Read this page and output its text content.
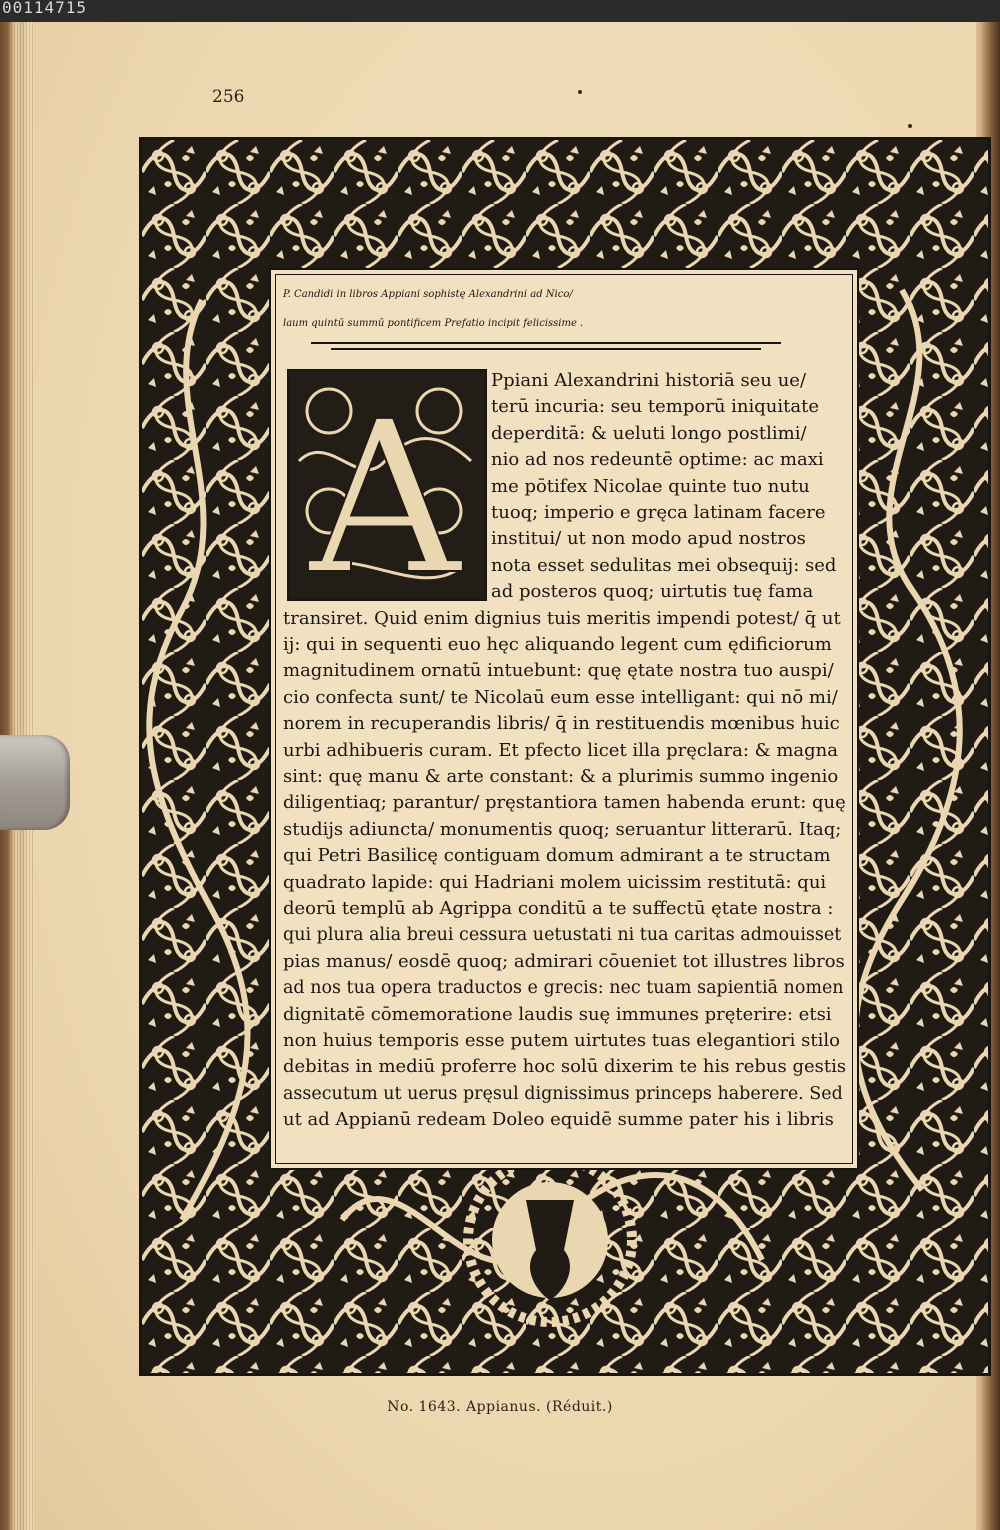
00114715
256
P. Candidi in libros Appiani sophistę Alexandrini ad Nico/
laum quintū summū pontificem Prefatio incipit felicissime .
A Ppiani Alexandrini historiā seu ue/
terū incuria: seu temporū iniquitate
deperditā: & ueluti longo postlimi/
nio ad nos redeuntē optime: ac maxi
me pōtifex Nicolae quinte tuo nutu
tuoq; imperio e gręca latinam facere
institui/ ut non modo apud nostros
nota esset sedulitas mei obsequij: sed
ad posteros quoq; uirtutis tuę fama
transiret. Quid enim dignius tuis meritis impendi potest/ q̄ ut
ij: qui in sequenti euo hęc aliquando legent cum ędificiorum
magnitudinem ornatū intuebunt: quę ętate nostra tuo auspi/
cio confecta sunt/ te Nicolaū eum esse intelligant: qui nō mi/
norem in recuperandis libris/ q̄ in restituendis mœnibus huic
urbi adhibueris curam. Et pfecto licet illa pręclara: & magna
sint: quę manu & arte constant: & a plurimis summo ingenio
diligentiaq; parantur/ pręstantiora tamen habenda erunt: quę
studijs adiuncta/ monumentis quoq; seruantur litterarū. Itaq;
qui Petri Basilicę contiguam domum admirant a te structam
quadrato lapide: qui Hadriani molem uicissim restitutā: qui
deorū templū ab Agrippa conditū a te suffectū ętate nostra :
qui plura alia breui cessura uetustati ni tua caritas admouisset
pias manus/ eosdē quoq; admirari cōueniet tot illustres libros
ad nos tua opera traductos e grecis: nec tuam sapientiā nomen
dignitatē cōmemoratione laudis suę immunes pręterire: etsi
non huius temporis esse putem uirtutes tuas elegantiori stilo
debitas in mediū proferre hoc solū dixerim te his rebus gestis
assecutum ut uerus pręsul dignissimus princeps haberere. Sed
ut ad Appianū redeam Doleo equidē summe pater his i libris
No. 1643. Appianus. (Réduit.)
